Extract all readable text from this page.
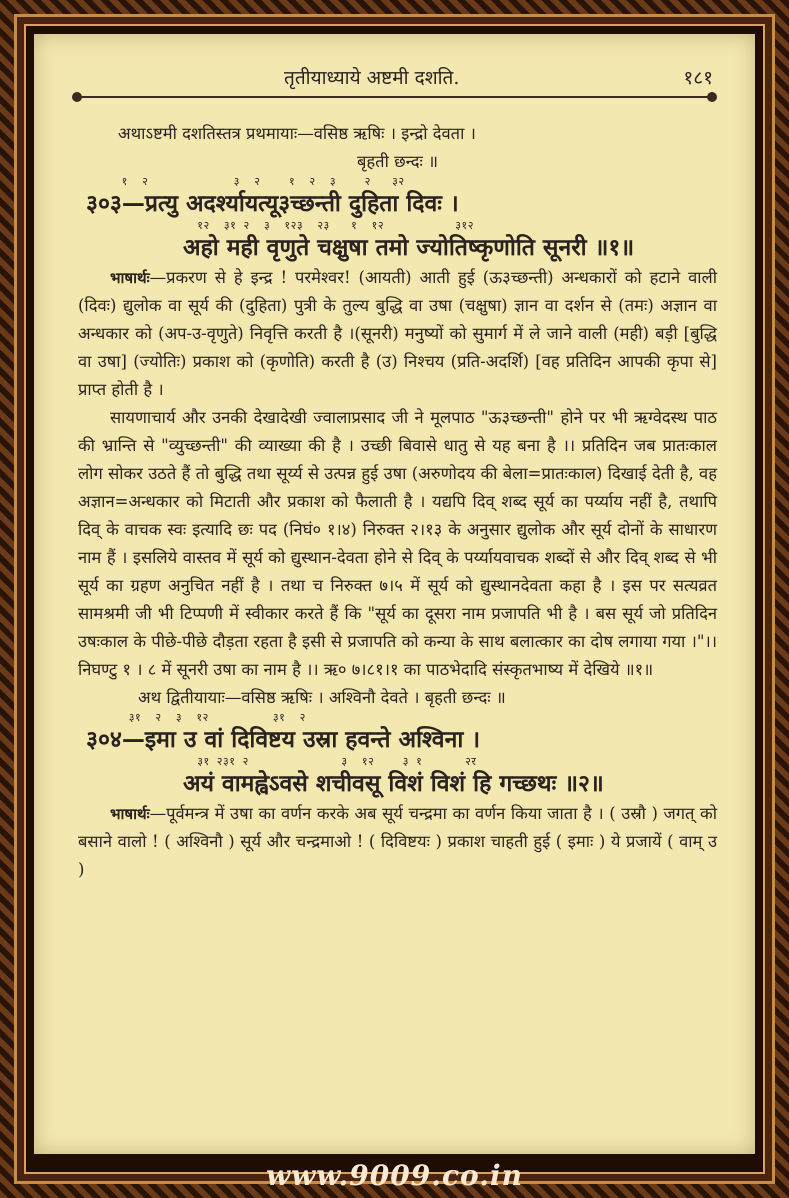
तृतीयाध्याये अष्टमी दशति.	१८१
अथाऽष्टमी दशतिस्तत्र प्रथमायाः—वसिष्ठ ऋषिः । इन्द्रो देवता ।
बृहती छन्दः ॥
१  २            ३  २    १  २  ३    २   ३२
३०३—प्रत्यु अदर्श्यायत्यू३च्छन्ती दुहिता दिवः ।
१२  ३१ २  ३  १२३  २३   १  १२          ३१२
अहो मही वृणुते चक्षुषा तमो ज्योतिष्कृणोति सूनरी ॥१॥

भाषार्थः—प्रकरण से हे इन्द्र ! परमेश्वर! (आयती) आती हुई (ऊ३च्छन्ती) अन्धकारों को हटाने वाली (दिवः) द्युलोक वा सूर्य की (दुहिता) पुत्री के तुल्य बुद्धि वा उषा (चक्षुषा) ज्ञान वा दर्शन से (तमः) अज्ञान वा अन्धकार को (अप-उ-वृणुते) निवृत्ति करती है ।(सूनरी) मनुष्यों को सुमार्ग में ले जाने वाली (मही) बड़ी [बुद्धि वा उषा] (ज्योतिः) प्रकाश को (कृणोति) करती है (उ) निश्चय (प्रति-अदर्शि) [वह प्रतिदिन आपकी कृपा से] प्राप्त होती है ।

सायणाचार्य और उनकी देखादेखी ज्वालाप्रसाद जी ने मूलपाठ "ऊ३च्छन्ती" होने पर भी ऋग्वेदस्थ पाठ की भ्रान्ति से "व्युच्छन्ती" की व्याख्या की है । उच्छी बिवासे धातु से यह बना है ।। प्रतिदिन जब प्रातःकाल लोग सोकर उठते हैं तो बुद्धि तथा सूर्य्य से उत्पन्न हुई उषा (अरुणोदय की बेला=प्रातःकाल) दिखाई देती है, वह अज्ञान=अन्धकार को मिटाती और प्रकाश को फैलाती है । यद्यपि दिव् शब्द सूर्य का पर्य्याय नहीं है, तथापि दिव् के वाचक स्वः इत्यादि छः पद (निघं० १।४) निरुक्त २।१३ के अनुसार द्युलोक और सूर्य दोनों के साधारण नाम हैं । इसलिये वास्तव में सूर्य को द्युस्थान-देवता होने से दिव् के पर्य्यायवाचक शब्दों से और दिव् शब्द से भी सूर्य का ग्रहण अनुचित नहीं है । तथा च निरुक्त ७।५ में सूर्य को द्युस्थानदेवता कहा है । इस पर सत्यव्रत सामश्रमी जी भी टिप्पणी में स्वीकार करते हैं कि "सूर्य का दूसरा नाम प्रजापति भी है । बस सूर्य जो प्रतिदिन उषःकाल के पीछे-पीछे दौड़ता रहता है इसी से प्रजापति को कन्या के साथ बलात्कार का दोष लगाया गया ।"।। निघण्टु १ । ८ में सूनरी उषा का नाम है ।। ऋ० ७।८१।१ का पाठभेदादि संस्कृतभाष्य में देखिये ॥१॥

अथ द्वितीयायाः—वसिष्ठ ऋषिः । अश्विनौ देवते । बृहती छन्दः ॥
३१  २  ३  १२         ३१  २
३०४—इमा उ वां दिविष्टय उस्रा हवन्ते अश्विना ।
३१ २३१ २             ३  १२    ३ १      २र
अयं वामह्वेऽवसे शचीवसू विशं विशं हि गच्छथः ॥२॥

भाषार्थः—पूर्वमन्त्र में उषा का वर्णन करके अब सूर्य चन्द्रमा का वर्णन किया जाता है । ( उस्रौ ) जगत् को बसाने वालो ! ( अश्विनौ ) सूर्य और चन्द्रमाओ ! ( दिविष्टयः ) प्रकाश चाहती हुई ( इमाः ) ये प्रजायें ( वाम् उ )

www.9009.co.in
